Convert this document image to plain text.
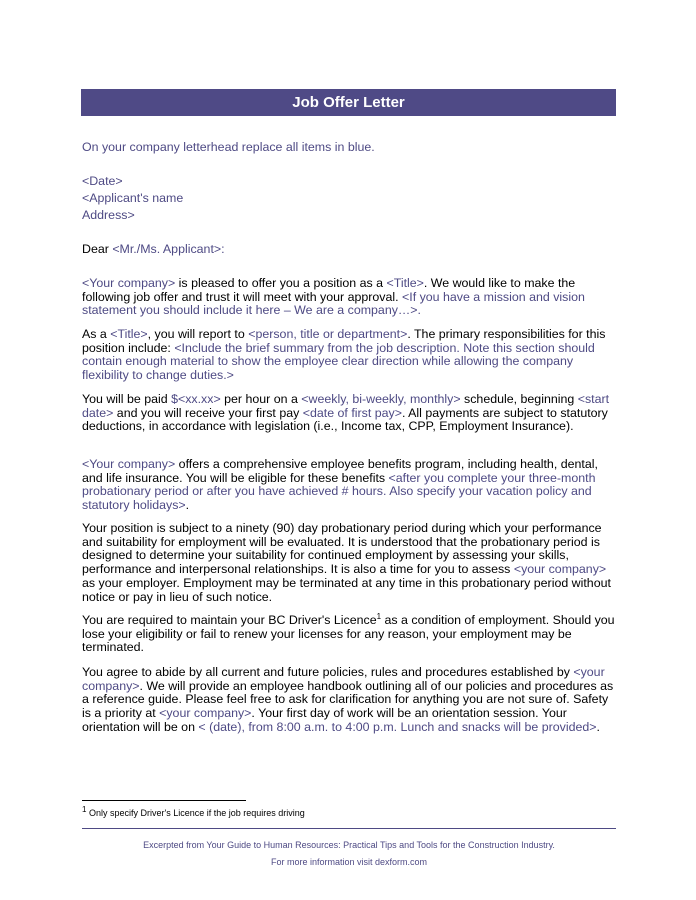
Job Offer Letter
On your company letterhead replace all items in blue.
<Date>
<Applicant's name
Address>
Dear <Mr./Ms. Applicant>:
<Your company> is pleased to offer you a position as a <Title>. We would like to make the following job offer and trust it will meet with your approval. <If you have a mission and vision statement you should include it here – We are a company…>.
As a <Title>, you will report to <person, title or department>. The primary responsibilities for this position include: <Include the brief summary from the job description. Note this section should contain enough material to show the employee clear direction while allowing the company flexibility to change duties.>
You will be paid $<xx.xx> per hour on a <weekly, bi-weekly, monthly> schedule, beginning <start date> and you will receive your first pay <date of first pay>. All payments are subject to statutory deductions, in accordance with legislation (i.e., Income tax, CPP, Employment Insurance).
<Your company> offers a comprehensive employee benefits program, including health, dental, and life insurance. You will be eligible for these benefits <after you complete your three-month probationary period or after you have achieved # hours. Also specify your vacation policy and statutory holidays>.
Your position is subject to a ninety (90) day probationary period during which your performance and suitability for employment will be evaluated. It is understood that the probationary period is designed to determine your suitability for continued employment by assessing your skills, performance and interpersonal relationships. It is also a time for you to assess <your company> as your employer. Employment may be terminated at any time in this probationary period without notice or pay in lieu of such notice.
You are required to maintain your BC Driver's Licence$^1$ as a condition of employment. Should you lose your eligibility or fail to renew your licenses for any reason, your employment may be terminated.
You agree to abide by all current and future policies, rules and procedures established by <your company>. We will provide an employee handbook outlining all of our policies and procedures as a reference guide. Please feel free to ask for clarification for anything you are not sure of. Safety is a priority at <your company>. Your first day of work will be an orientation session. Your orientation will be on < (date), from 8:00 a.m. to 4:00 p.m. Lunch and snacks will be provided>.
$^1$ Only specify Driver's Licence if the job requires driving
Excerpted from Your Guide to Human Resources: Practical Tips and Tools for the Construction Industry.
For more information visit dexform.com
